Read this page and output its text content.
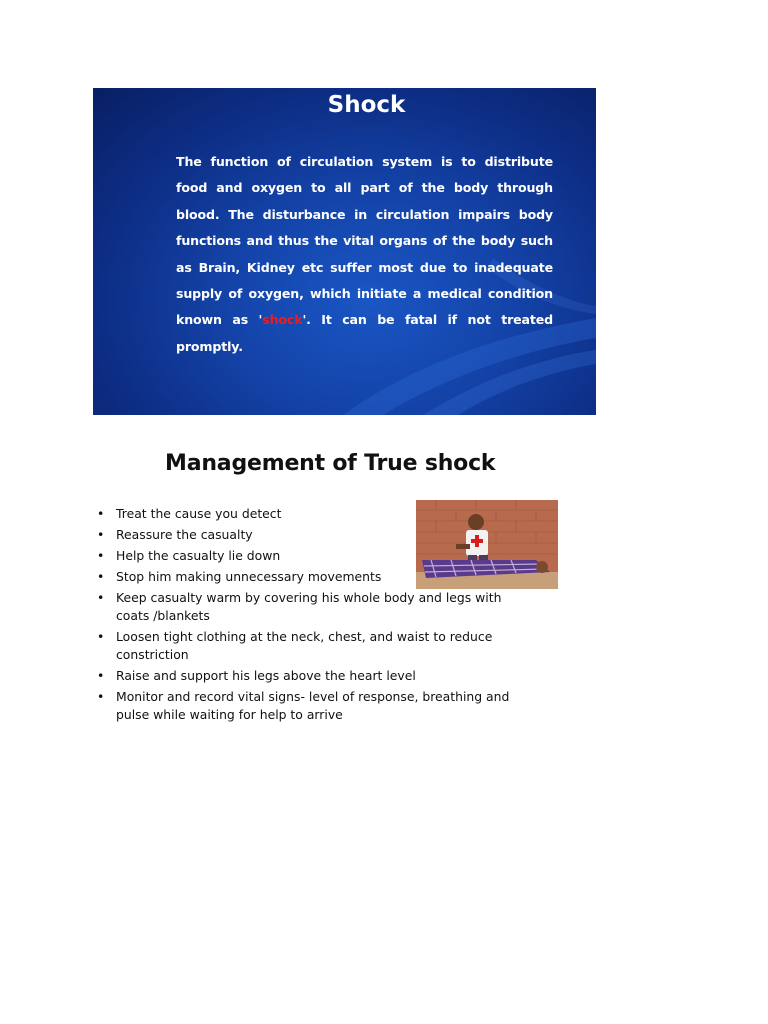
Shock
The function of circulation system is to distribute food and oxygen to all part of the body through blood. The disturbance in circulation impairs body functions and thus the vital organs of the body such as Brain, Kidney etc suffer most due to inadequate supply of oxygen, which initiate a medical condition known as 'shock'. It can be fatal if not treated promptly.
Management of True shock
• Treat the cause you detect
• Reassure the casualty
• Help the casualty lie down
• Stop him making unnecessary movements
• Keep casualty warm by covering his whole body and legs with coats /blankets
• Loosen tight clothing at the neck, chest, and waist to reduce constriction
• Raise and support his legs above the heart level
• Monitor and record vital signs- level of response, breathing and pulse while waiting for help to arrive
